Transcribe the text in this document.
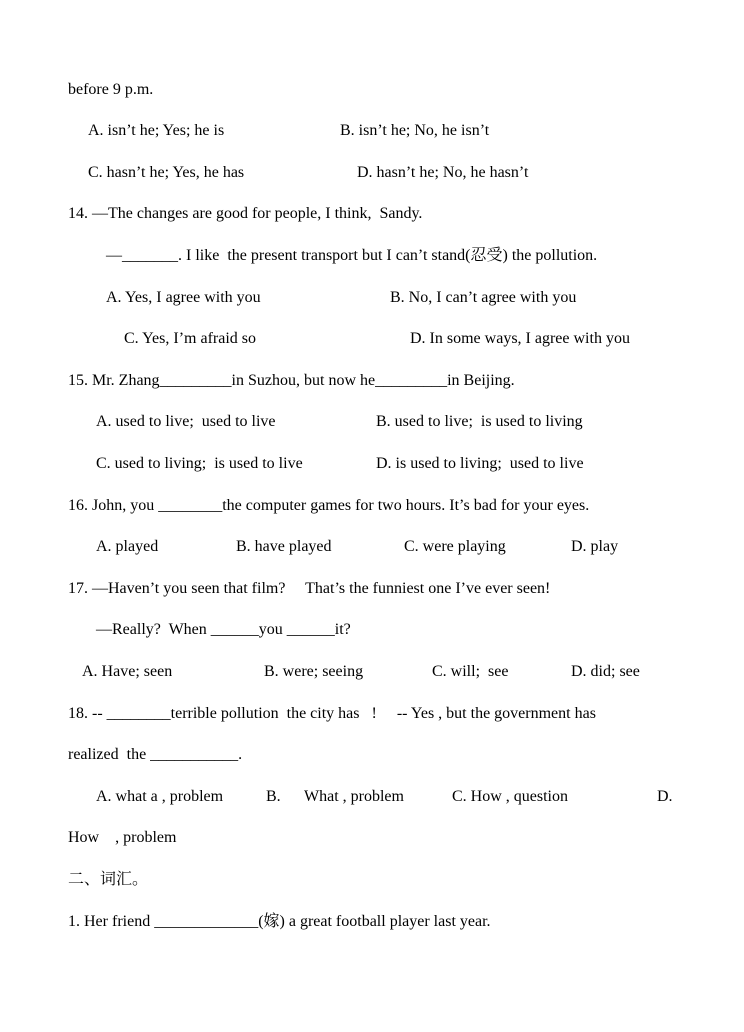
before 9 p.m.
A. isn’t he; Yes; he is	B. isn’t he; No, he isn’t
C. hasn’t he; Yes, he has	D. hasn’t he; No, he hasn’t
14. —The changes are good for people, I think,  Sandy.
—_______. I like  the present transport but I can’t stand(忍受) the pollution.
A. Yes, I agree with you	B. No, I can’t agree with you
C. Yes, I’m afraid so	D. In some ways, I agree with you
15. Mr. Zhang_________in Suzhou, but now he_________in Beijing.
A. used to live;  used to live	B. used to live;  is used to living
C. used to living;  is used to live	D. is used to living;  used to live
16. John, you ________the computer games for two hours. It’s bad for your eyes.
A. played	B. have played	C. were playing	D. play
17. —Haven’t you seen that film?     That’s the funniest one I’ve ever seen!
—Really?  When ______you ______it?
A. Have; seen	B. were; seeing	C. will;  see	D. did; see
18. -- ________terrible pollution  the city has   !     -- Yes , but the government has
realized  the ___________.
A. what a , problem	B. What , problem	C. How , question	D.
How    , problem
二、词汇。
1. Her friend _____________(嫁) a great football player last year.
